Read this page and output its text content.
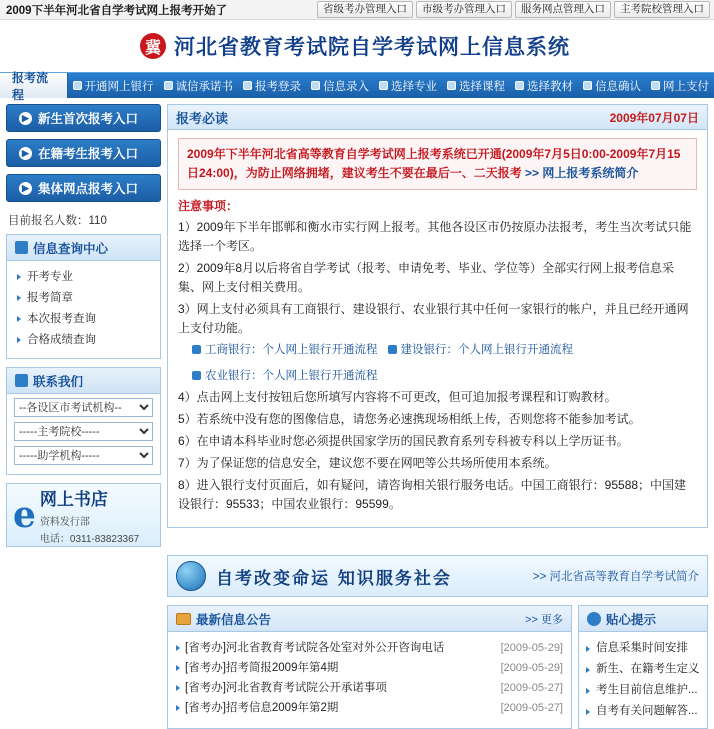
2009下半年河北省自学考试网上报考开始了	省级考办管理入口	市级考办管理入口	服务网点管理入口	主考院校管理入口
冀 河北省教育考试院自学考试网上信息系统
报考流程
开通网上银行 诚信承诺书 报考登录 信息录入 选择专业 选择课程 选择教材 信息确认 网上支付
▶ 新生首次报考入口
▶ 在籍考生报考入口
▶ 集体网点报考入口
目前报名人数：110
信息查询中心
开考专业
报考简章
本次报考查询
合格成绩查询
联系我们
--各设区市考试机构--
-----主考院校-----
-----助学机构-----
e 网上书店
资料发行部
电话：0311-83823367
报考必读	2009年07月07日
2009年下半年河北省高等教育自学考试网上报考系统已开通(2009年7月5日0:00-2009年7月15日24:00)，为防止网络拥堵，建议考生不要在最后一、二天报考 >> 网上报考系统简介
注意事项：
1）2009年下半年邯郸和衡水市实行网上报考。其他各设区市仍按原办法报考，考生当次考试只能选择一个考区。
2）2009年8月以后将省自学考试（报考、申请免考、毕业、学位等）全部实行网上报考信息采集、网上支付相关费用。
3）网上支付必须具有工商银行、建设银行、农业银行其中任何一家银行的帐户，并且已经开通网上支付功能。
工商银行：个人网上银行开通流程 建设银行：个人网上银行开通流程
农业银行：个人网上银行开通流程
4）点击网上支付按钮后您所填写内容将不可更改，但可追加报考课程和订购教材。
5）若系统中没有您的图像信息，请您务必速携现场相纸上传，否则您将不能参加考试。
6）在申请本科毕业时您必须提供国家学历的国民教育系列专科被专科以上学历证书。
7）为了保证您的信息安全，建议您不要在网吧等公共场所使用本系统。
8）进入银行支付页面后，如有疑问，请咨询相关银行服务电话。中国工商银行：95588；中国建设银行：95533；中国农业银行：95599。
自考改变命运 知识服务社会	>> 河北省高等教育自学考试简介
最新信息公告	>> 更多
[省考办]河北省教育考试院各处室对外公开咨询电话	[2009-05-29]
[省考办]招考简报2009年第4期	[2009-05-29]
[省考办]河北省教育考试院公开承诺事项	[2009-05-27]
[省考办]招考信息2009年第2期	[2009-05-27]
贴心提示
信息采集时间安排
新生、在籍考生定义
考生目前信息维护...
自考有关问题解答...
